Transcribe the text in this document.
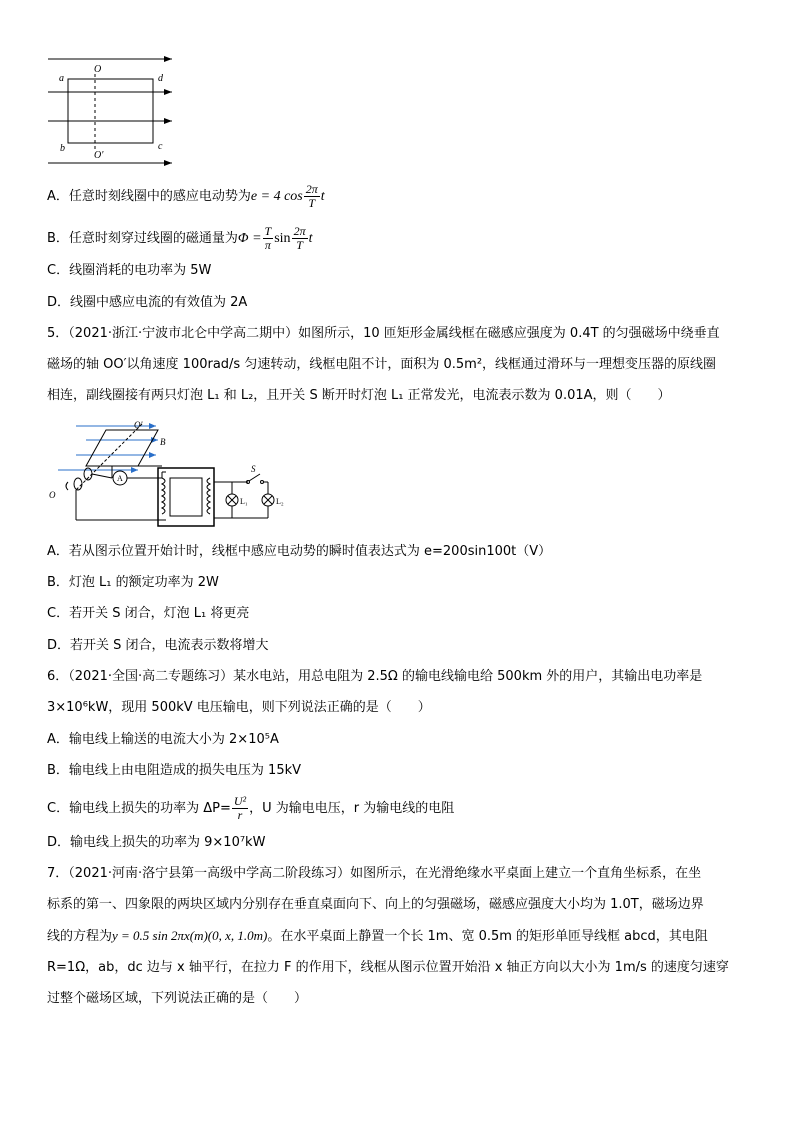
O
O'
a	d
b	c
A．任意时刻线圈中的感应电动势为e = 4 $\cos \frac{2\pi}{T}$ t
B．任意时刻穿过线圈的磁通量为$\Phi = \frac{T}{\pi}$ $\sin \frac{2\pi}{T}$ t
C．线圈消耗的电功率为 5W
D．线圈中感应电流的有效值为 2A
5．（2021·浙江·宁波市北仑中学高二期中）如图所示，10 匝矩形金属线框在磁感应强度为 0.4T 的匀强磁场中绕垂直
磁场的轴 OO′以角速度 100rad/s 匀速转动，线框电阻不计，面积为 0.5m²，线框通过滑环与一理想变压器的原线圈
相连，副线圈接有两只灯泡 L₁ 和 L₂，且开关 S 断开时灯泡 L₁ 正常发光，电流表示数为 0.01A，则（　　）
O'
B
O
A
L₁
S
L₂
A．若从图示位置开始计时，线框中感应电动势的瞬时值表达式为 e=200sin100t（V）
B．灯泡 L₁ 的额定功率为 2W
C．若开关 S 闭合，灯泡 L₁ 将更亮
D．若开关 S 闭合，电流表示数将增大
6．（2021·全国·高二专题练习）某水电站，用总电阻为 2.5Ω 的输电线输电给 500km 外的用户，其输出电功率是
3×10⁶kW，现用 500kV 电压输电，则下列说法正确的是（　　）
A．输电线上输送的电流大小为 2×10⁵A
B．输电线上由电阻造成的损失电压为 15kV
C．输电线上损失的功率为 $\Delta P= \frac{\text{U²}}{r}$ ，U 为输电电压，r 为输电线的电阻
D．输电线上损失的功率为 9×10⁷kW
7．（2021·河南·洛宁县第一高级中学高二阶段练习）如图所示，在光滑绝缘水平桌面上建立一个直角坐标系，在坐
标系的第一、四象限的两块区域内分别存在垂直桌面向下、向上的匀强磁场，磁感应强度大小均为 1.0T，磁场边界
线的方程为y = 0.5 sin 2πx(m)(0, x, 1.0m)。在水平桌面上静置一个长 1m、宽 0.5m 的矩形单匝导线框 abcd，其电阻
R=1Ω，ab，dc 边与 x 轴平行，在拉力 F 的作用下，线框从图示位置开始沿 x 轴正方向以大小为 1m/s 的速度匀速穿
过整个磁场区域，下列说法正确的是（　　）
